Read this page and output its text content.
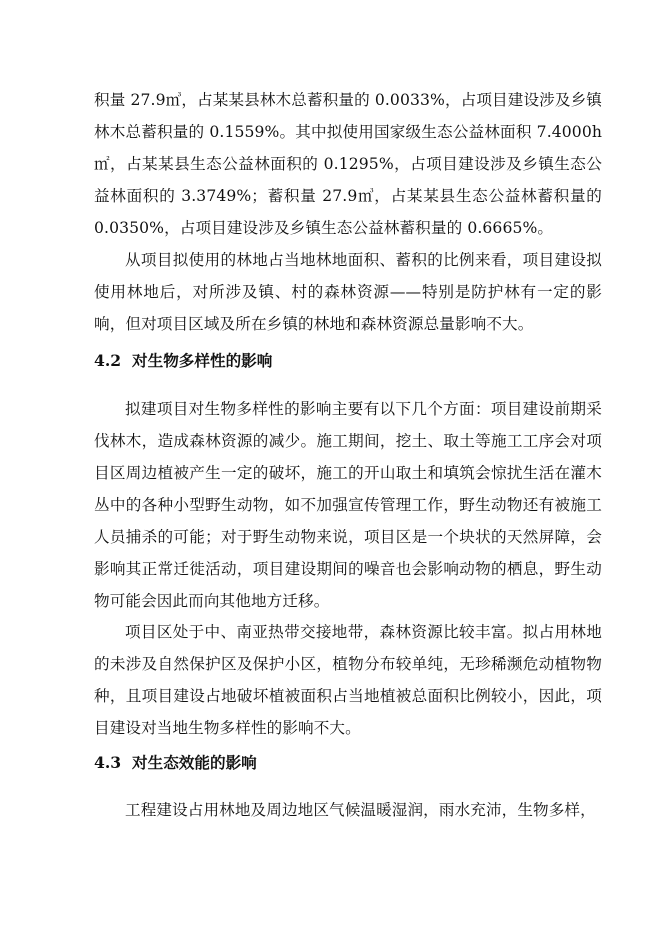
积量 27.9㎥，占某某县林木总蓄积量的 0.0033%，占项目建设涉及乡镇林木总蓄积量的 0.1559%。其中拟使用国家级生态公益林面积 7.4000h㎡，占某某县生态公益林面积的 0.1295%，占项目建设涉及乡镇生态公益林面积的 3.3749%；蓄积量 27.9㎥，占某某县生态公益林蓄积量的 0.0350%，占项目建设涉及乡镇生态公益林蓄积量的 0.6665%。

从项目拟使用的林地占当地林地面积、蓄积的比例来看，项目建设拟使用林地后，对所涉及镇、村的森林资源——特别是防护林有一定的影响，但对项目区域及所在乡镇的林地和森林资源总量影响不大。

4.2 对生物多样性的影响

拟建项目对生物多样性的影响主要有以下几个方面：项目建设前期采伐林木，造成森林资源的减少。施工期间，挖土、取土等施工工序会对项目区周边植被产生一定的破坏，施工的开山取土和填筑会惊扰生活在灌木丛中的各种小型野生动物，如不加强宣传管理工作，野生动物还有被施工人员捕杀的可能；对于野生动物来说，项目区是一个块状的天然屏障，会影响其正常迁徙活动，项目建设期间的噪音也会影响动物的栖息，野生动物可能会因此而向其他地方迁移。

项目区处于中、南亚热带交接地带，森林资源比较丰富。拟占用林地的未涉及自然保护区及保护小区，植物分布较单纯，无珍稀濒危动植物物种，且项目建设占地破坏植被面积占当地植被总面积比例较小，因此，项目建设对当地生物多样性的影响不大。

4.3 对生态效能的影响

工程建设占用林地及周边地区气候温暖湿润，雨水充沛，生物多样，
